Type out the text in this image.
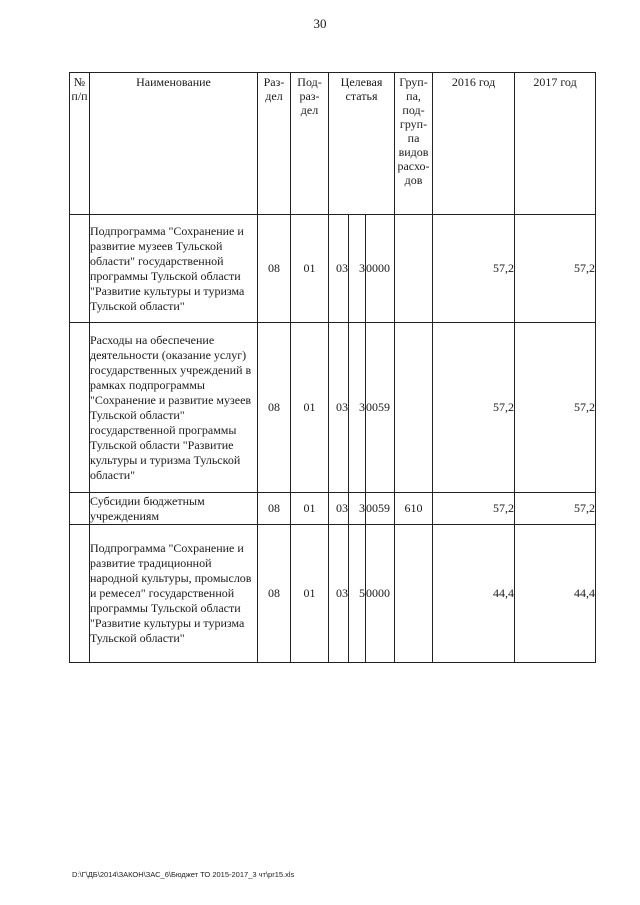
30
№ п/п	Наименование	Раз-дел	Под-раз-дел	Целевая статья			Груп-па, под-груп-па видов расхо-дов	2016 год	2017 год
	Подпрограмма "Сохранение и развитие музеев Тульской области" государственной программы Тульской области "Развитие культуры и туризма Тульской области"	08	01	03	3	0000		57,2	57,2
	Расходы на обеспечение деятельности (оказание услуг) государственных учреждений в рамках подпрограммы "Сохранение и развитие музеев Тульской области" государственной программы Тульской области "Развитие культуры и туризма Тульской области"	08	01	03	3	0059		57,2	57,2
	Субсидии бюджетным учреждениям	08	01	03	3	0059	610	57,2	57,2
	Подпрограмма "Сохранение и развитие традиционной народной культуры, промыслов и ремесел" государственной программы Тульской области "Развитие культуры и туризма Тульской области"	08	01	03	5	0000		44,4	44,4
D:\Г\ДБ\2014\ЗАКОН\ЗАС_6\Бюджет ТО 2015-2017_3 чт\pr15.xls
